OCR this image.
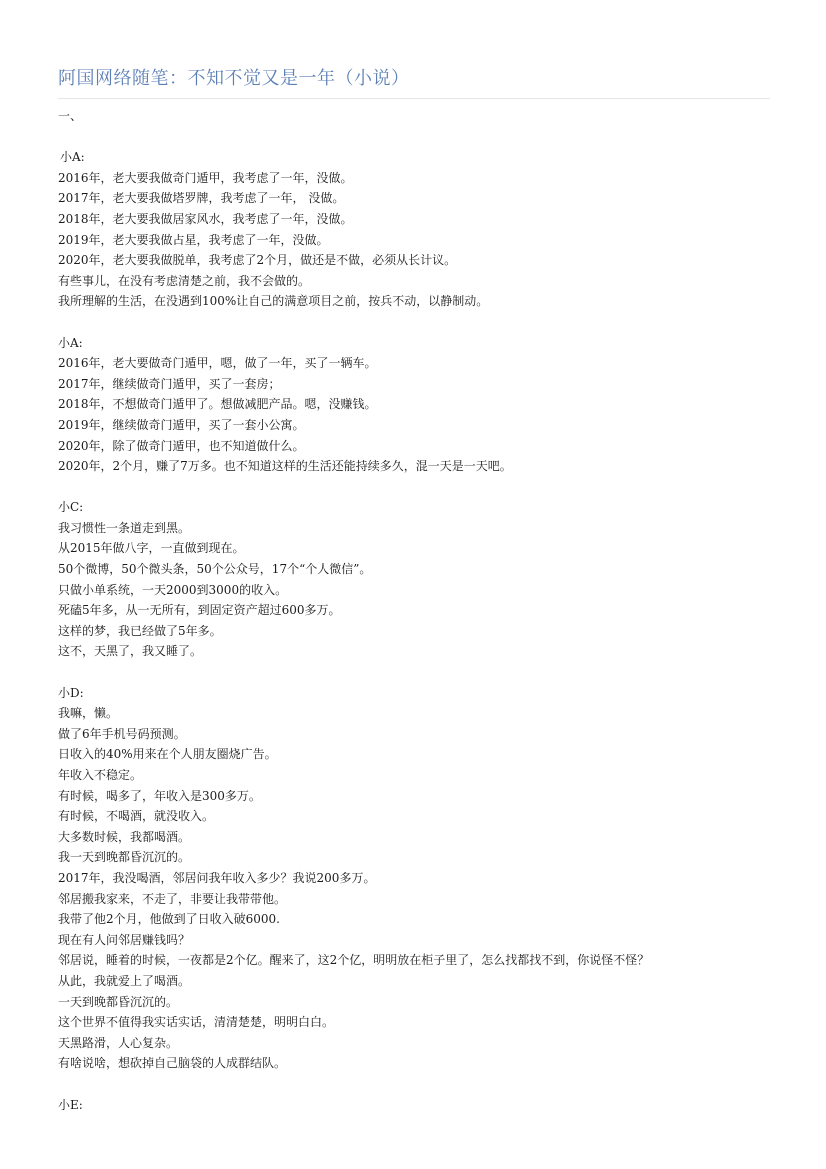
阿国网络随笔：不知不觉又是一年（小说）
一、
小A:
2016年，老大要我做奇门遁甲，我考虑了一年，没做。
2017年，老大要我做塔罗牌，我考虑了一年， 没做。
2018年，老大要我做居家风水，我考虑了一年，没做。
2019年，老大要我做占星，我考虑了一年，没做。
2020年，老大要我做脱单，我考虑了2个月，做还是不做，必须从长计议。
有些事儿，在没有考虑清楚之前，我不会做的。
我所理解的生活，在没遇到100%让自己的满意项目之前，按兵不动，以静制动。
小A:
2016年，老大要做奇门遁甲，嗯，做了一年，买了一辆车。
2017年，继续做奇门遁甲，买了一套房；
2018年，不想做奇门遁甲了。想做减肥产品。嗯，没赚钱。
2019年，继续做奇门遁甲，买了一套小公寓。
2020年，除了做奇门遁甲，也不知道做什么。
2020年，2个月，赚了7万多。也不知道这样的生活还能持续多久，混一天是一天吧。
小C:
我习惯性一条道走到黑。
从2015年做八字，一直做到现在。
50个微博，50个微头条，50个公众号，17个“个人微信”。
只做小单系统，一天2000到3000的收入。
死磕5年多，从一无所有，到固定资产超过600多万。
这样的梦，我已经做了5年多。
这不，天黑了，我又睡了。
小D:
我嘛，懒。
做了6年手机号码预测。
日收入的40%用来在个人朋友圈烧广告。
年收入不稳定。
有时候，喝多了，年收入是300多万。
有时候，不喝酒，就没收入。
大多数时候，我都喝酒。
我一天到晚都昏沉沉的。
2017年，我没喝酒，邻居问我年收入多少？我说200多万。
邻居搬我家来，不走了，非要让我带带他。
我带了他2个月，他做到了日收入破6000.
现在有人问邻居赚钱吗？
邻居说，睡着的时候，一夜都是2个亿。醒来了，这2个亿，明明放在柜子里了，怎么找都找不到，你说怪不怪？
从此，我就爱上了喝酒。
一天到晚都昏沉沉的。
这个世界不值得我实话实话，清清楚楚，明明白白。
天黑路滑，人心复杂。
有啥说啥，想砍掉自己脑袋的人成群结队。
小E:
